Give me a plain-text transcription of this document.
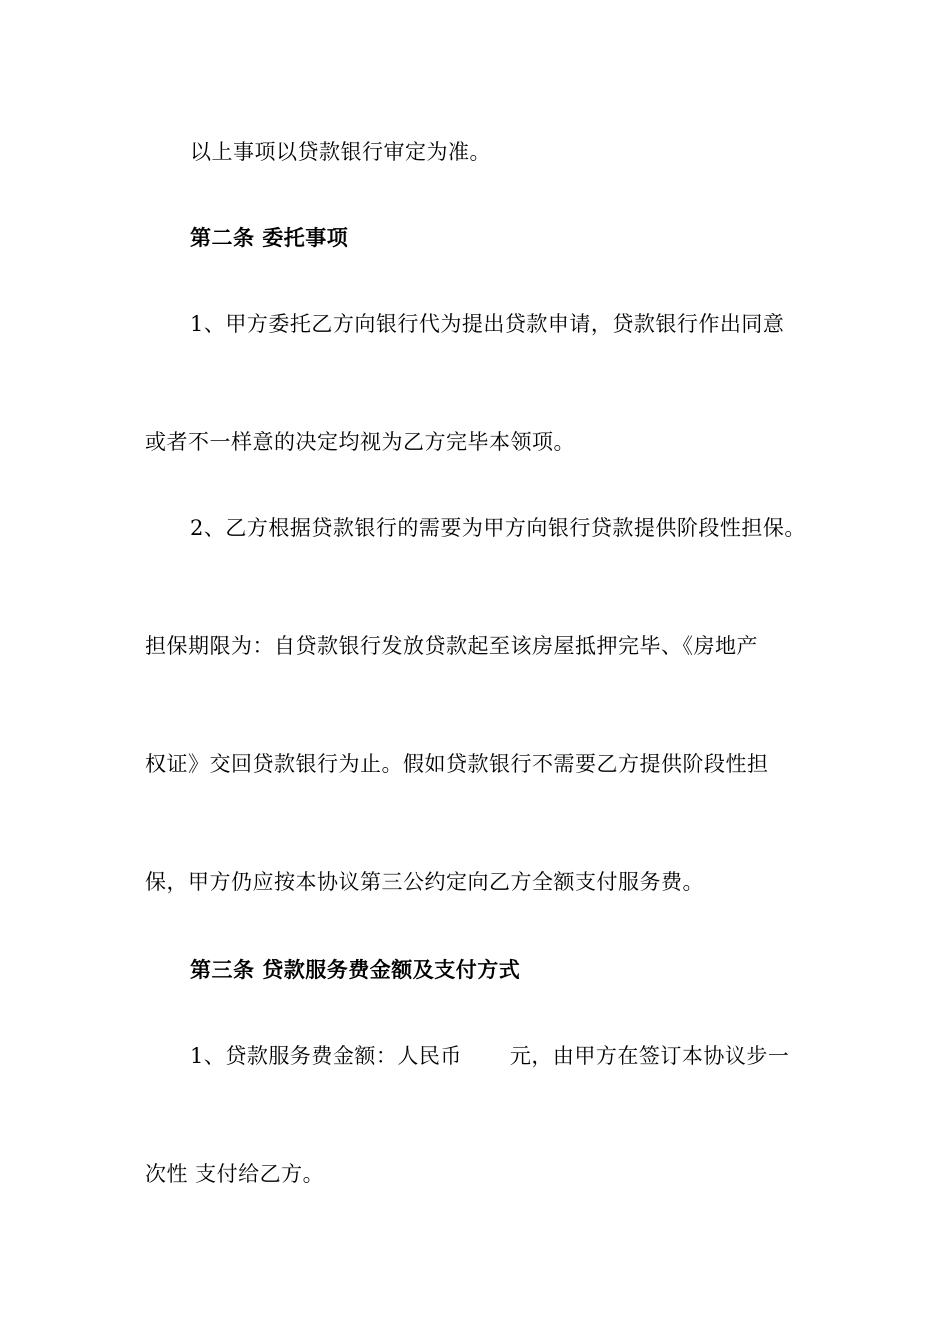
以上事项以贷款银行审定为准。
第二条 委托事项
1、甲方委托乙方向银行代为提出贷款申请，贷款银行作出同意
或者不一样意的决定均视为乙方完毕本领项。
2、乙方根据贷款银行的需要为甲方向银行贷款提供阶段性担保。
担保期限为：自贷款银行发放贷款起至该房屋抵押完毕、《房地产
权证》交回贷款银行为止。假如贷款银行不需要乙方提供阶段性担
保，甲方仍应按本协议第三公约定向乙方全额支付服务费。
第三条 贷款服务费金额及支付方式
1、贷款服务费金额：人民币 元，由甲方在签订本协议步一
次性 支付给乙方。
